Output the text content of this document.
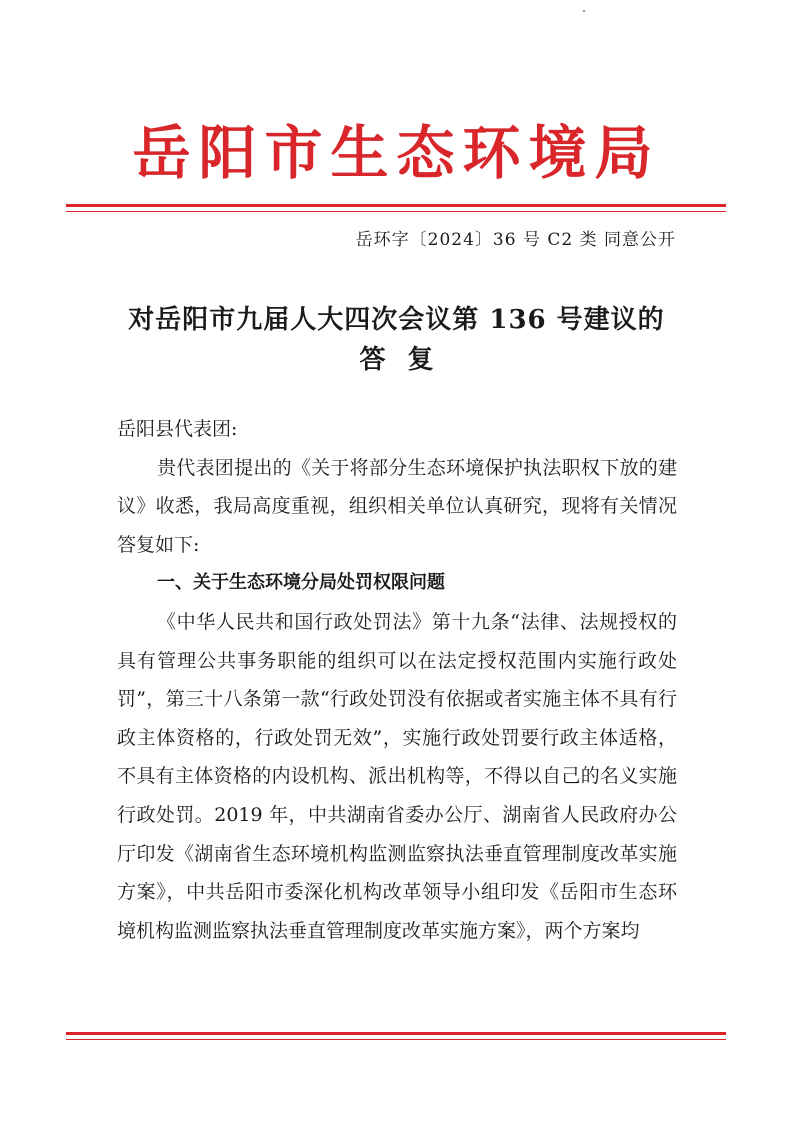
岳阳市生态环境局
岳环字〔2024〕36 号 C2 类 同意公开
对岳阳市九届人大四次会议第 136 号建议的
答复

岳阳县代表团:

贵代表团提出的《关于将部分生态环境保护执法职权下放的建议》收悉，我局高度重视，组织相关单位认真研究，现将有关情况答复如下:

一、关于生态环境分局处罚权限问题

《中华人民共和国行政处罚法》第十九条“法律、法规授权的具有管理公共事务职能的组织可以在法定授权范围内实施行政处罚”，第三十八条第一款“行政处罚没有依据或者实施主体不具有行政主体资格的，行政处罚无效”，实施行政处罚要行政主体适格，不具有主体资格的内设机构、派出机构等，不得以自己的名义实施行政处罚。2019 年，中共湖南省委办公厅、湖南省人民政府办公厅印发《湖南省生态环境机构监测监察执法垂直管理制度改革实施方案》，中共岳阳市委深化机构改革领导小组印发《岳阳市生态环境机构监测监察执法垂直管理制度改革实施方案》，两个方案均
